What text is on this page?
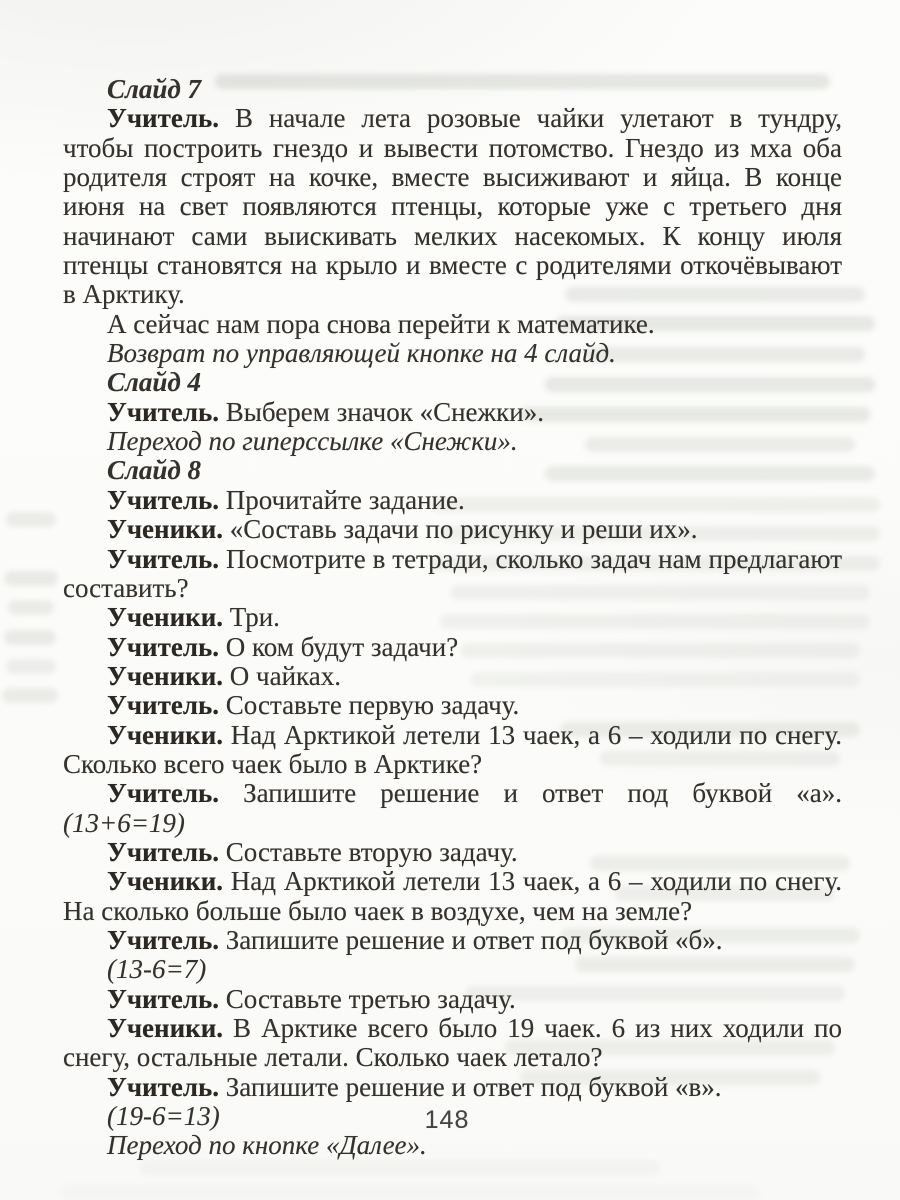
Слайд 7

Учитель. В начале лета розовые чайки улетают в тундру, чтобы построить гнездо и вывести потомство. Гнездо из мха оба родителя строят на кочке, вместе высиживают и яйца. В конце июня на свет появляются птенцы, которые уже с третьего дня начинают сами выискивать мелких насекомых. К концу июля птенцы становятся на крыло и вместе с родителями откочёвывают в Арктику.

А сейчас нам пора снова перейти к математике.

Возврат по управляющей кнопке на 4 слайд.

Слайд 4

Учитель. Выберем значок «Снежки».

Переход по гиперссылке «Снежки».

Слайд 8

Учитель. Прочитайте задание.

Ученики. «Составь задачи по рисунку и реши их».

Учитель. Посмотрите в тетради, сколько задач нам предлагают составить?

Ученики. Три.

Учитель. О ком будут задачи?

Ученики. О чайках.

Учитель. Составьте первую задачу.

Ученики. Над Арктикой летели 13 чаек, а 6 – ходили по снегу. Сколько всего чаек было в Арктике?

Учитель. Запишите решение и ответ под буквой «а». (13+6=19)

Учитель. Составьте вторую задачу.

Ученики. Над Арктикой летели 13 чаек, а 6 – ходили по снегу. На сколько больше было чаек в воздухе, чем на земле?

Учитель. Запишите решение и ответ под буквой «б».

(13-6=7)

Учитель. Составьте третью задачу.

Ученики. В Арктике всего было 19 чаек. 6 из них ходили по снегу, остальные летали. Сколько чаек летало?

Учитель. Запишите решение и ответ под буквой «в».

(19-6=13)

Переход по кнопке «Далее».

148
